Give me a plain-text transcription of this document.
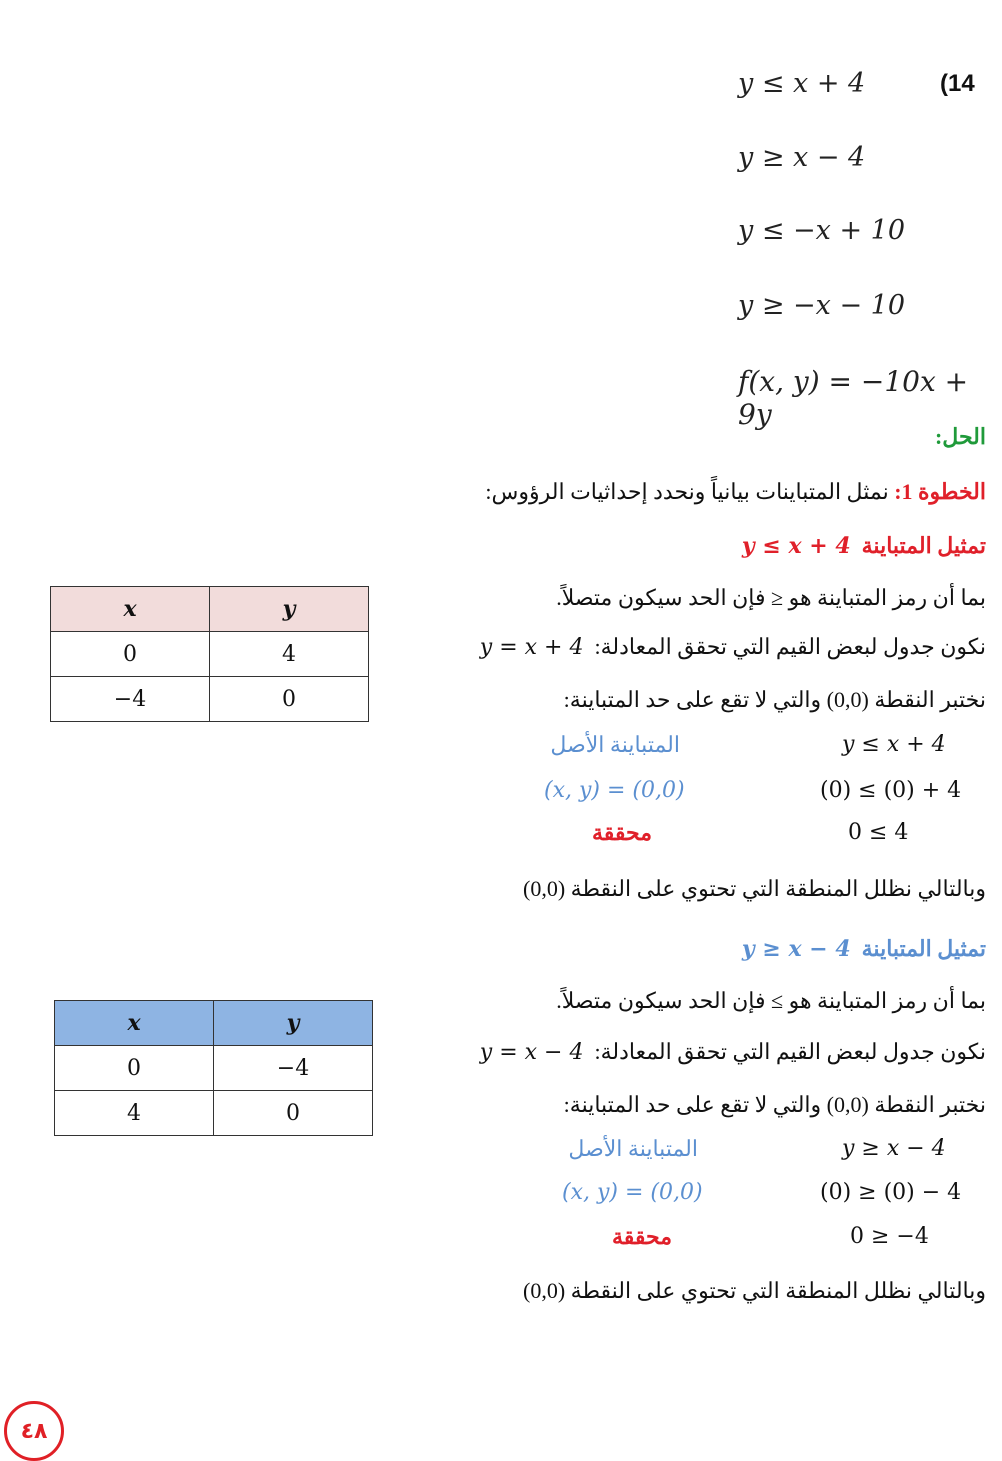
(14
y ≤ x + 4
y ≥ x − 4
y ≤ −x + 10
y ≥ −x − 10
f(x, y) = −10x + 9y
الحل:
الخطوة 1: نمثل المتباينات بيانياً ونحدد إحداثيات الرؤوس:
تمثيل المتباينة  y ≤ x + 4
بما أن رمز المتباينة هو ≤ فإن الحد سيكون متصلاً.
نكون جدول لبعض القيم التي تحقق المعادلة:  y = x + 4
نختبر النقطة (0,0) والتي لا تقع على حد المتباينة:
y ≤ x + 4
المتباينة الأصل
(0) ≤ (0) + 4
(x, y) = (0,0)
0 ≤ 4
محققة
وبالتالي نظلل المنطقة التي تحتوي على النقطة (0,0)
x	y
0	4
−4	0
تمثيل المتباينة  y ≥ x − 4
بما أن رمز المتباينة هو ≥ فإن الحد سيكون متصلاً.
نكون جدول لبعض القيم التي تحقق المعادلة:  y = x − 4
نختبر النقطة (0,0) والتي لا تقع على حد المتباينة:
y ≥ x − 4
المتباينة الأصل
(0) ≥ (0) − 4
(x, y) = (0,0)
0 ≥ −4
محققة
وبالتالي نظلل المنطقة التي تحتوي على النقطة (0,0)
x	y
0	−4
4	0
٤٨
